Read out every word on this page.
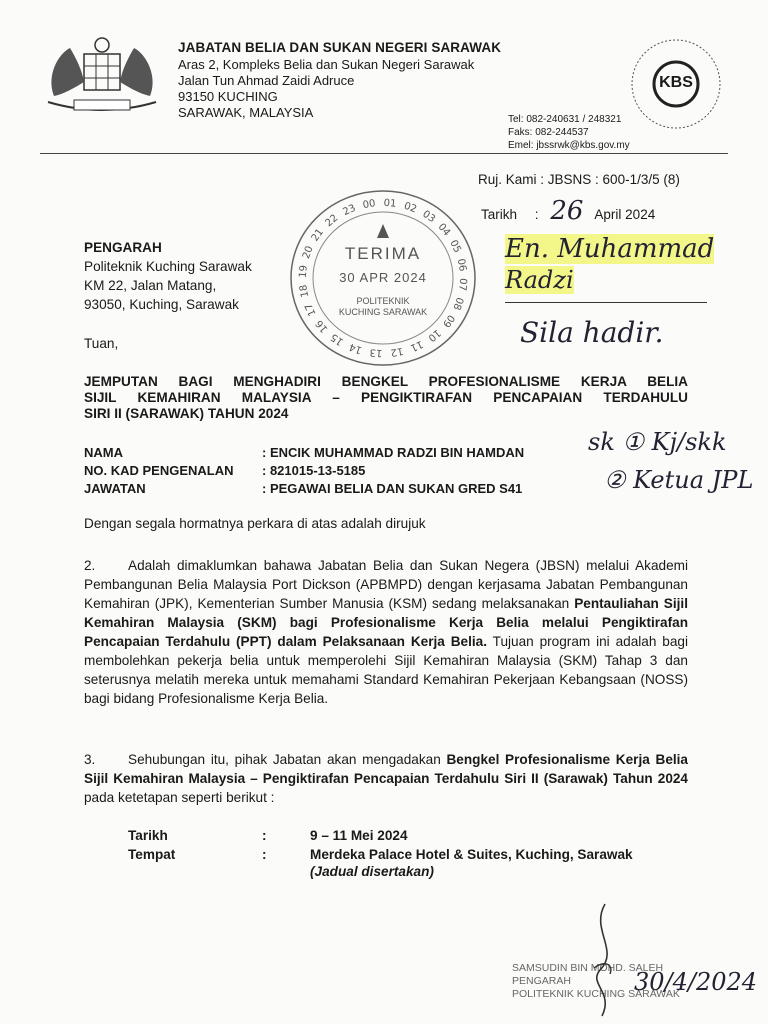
JABATAN BELIA DAN SUKAN NEGERI SARAWAK
Aras 2, Kompleks Belia dan Sukan Negeri Sarawak
Jalan Tun Ahmad Zaidi Adruce
93150 KUCHING
SARAWAK, MALAYSIA
KBS
Tel: 082-240631 / 248321
Faks: 082-244537
Emel: jbssrwk@kbs.gov.my
Ruj. Kami : JBSNS : 600-1/3/5 (8)
Tarikh : 26 April 2024
PENGARAH
Politeknik Kuching Sarawak
KM 22, Jalan Matang,
93050, Kuching, Sarawak
Tuan,
00 01 02
03
04
05
06
07
08
09
10
11
12
13
14
15
16
17
18
19
20
21
22
23
TERIMA
30 APR 2024
POLITEKNIK
KUCHING SARAWAK
En. Muhammad
Radzi
Sila hadir.
JEMPUTAN BAGI MENGHADIRI BENGKEL PROFESIONALISME KERJA BELIA
SIJIL KEMAHIRAN MALAYSIA – PENGIKTIRAFAN PENCAPAIAN TERDAHULU
SIRI II (SARAWAK) TAHUN 2024
NAMA	: ENCIK MUHAMMAD RADZI BIN HAMDAN
NO. KAD PENGENALAN : 821015-13-5185
JAWATAN	: PEGAWAI BELIA DAN SUKAN GRED S41
sk ① Kj/skk
② Ketua JPL
Dengan segala hormatnya perkara di atas adalah dirujuk
2. Adalah dimaklumkan bahawa Jabatan Belia dan Sukan Negera (JBSN) melalui Akademi Pembangunan Belia Malaysia Port Dickson (APBMPD) dengan kerjasama Jabatan Pembangunan Kemahiran (JPK), Kementerian Sumber Manusia (KSM) sedang melaksanakan Pentauliahan Sijil Kemahiran Malaysia (SKM) bagi Profesionalisme Kerja Belia melalui Pengiktirafan Pencapaian Terdahulu (PPT) dalam Pelaksanaan Kerja Belia. Tujuan program ini adalah bagi membolehkan pekerja belia untuk memperolehi Sijil Kemahiran Malaysia (SKM) Tahap 3 dan seterusnya melatih mereka untuk memahami Standard Kemahiran Pekerjaan Kebangsaan (NOSS) bagi bidang Profesionalisme Kerja Belia.
3. Sehubungan itu, pihak Jabatan akan mengadakan Bengkel Profesionalisme Kerja Belia Sijil Kemahiran Malaysia – Pengiktirafan Pencapaian Terdahulu Siri II (Sarawak) Tahun 2024 pada ketetapan seperti berikut :
Tarikh	:	9 – 11 Mei 2024
Tempat	:	Merdeka Palace Hotel & Suites, Kuching, Sarawak
(Jadual disertakan)
SAMSUDIN BIN MOHD. SALEH
PENGARAH
POLITEKNIK KUCHING SARAWAK
30/4/2024
